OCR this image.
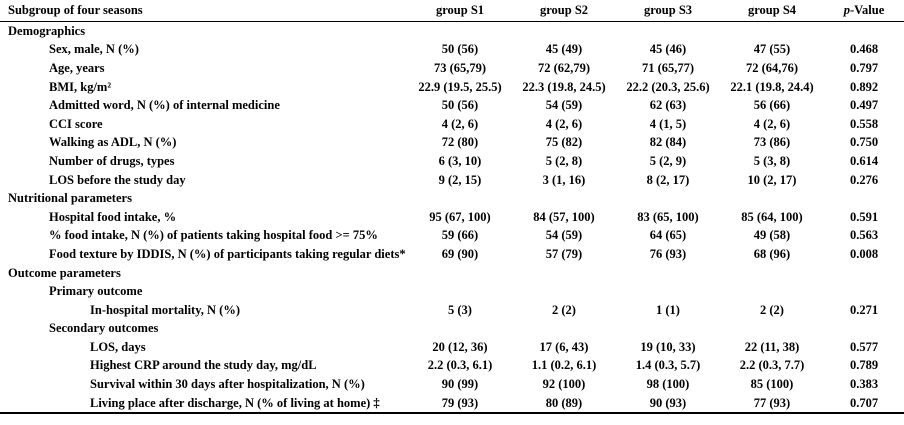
Subgroup of four seasons	group S1	group S2	group S3	group S4	p-Value
Demographics					
Sex, male, N (%)	50 (56)	45 (49)	45 (46)	47 (55)	0.468
Age, years	73 (65,79)	72 (62,79)	71 (65,77)	72 (64,76)	0.797
BMI, kg/m²	22.9 (19.5, 25.5)	22.3 (19.8, 24.5)	22.2 (20.3, 25.6)	22.1 (19.8, 24.4)	0.892
Admitted word, N (%) of internal medicine	50 (56)	54 (59)	62 (63)	56 (66)	0.497
CCI score	4 (2, 6)	4 (2, 6)	4 (1, 5)	4 (2, 6)	0.558
Walking as ADL, N (%)	72 (80)	75 (82)	82 (84)	73 (86)	0.750
Number of drugs, types	6 (3, 10)	5 (2, 8)	5 (2, 9)	5 (3, 8)	0.614
LOS before the study day	9 (2, 15)	3 (1, 16)	8 (2, 17)	10 (2, 17)	0.276
Nutritional parameters					
Hospital food intake, %	95 (67, 100)	84 (57, 100)	83 (65, 100)	85 (64, 100)	0.591
% food intake, N (%) of patients taking hospital food >= 75%	59 (66)	54 (59)	64 (65)	49 (58)	0.563
Food texture by IDDIS, N (%) of participants taking regular diets*	69 (90)	57 (79)	76 (93)	68 (96)	0.008
Outcome parameters					
Primary outcome					
In-hospital mortality, N (%)	5 (3)	2 (2)	1 (1)	2 (2)	0.271
Secondary outcomes					
LOS, days	20 (12, 36)	17 (6, 43)	19 (10, 33)	22 (11, 38)	0.577
Highest CRP around the study day, mg/dL	2.2 (0.3, 6.1)	1.1 (0.2, 6.1)	1.4 (0.3, 5.7)	2.2 (0.3, 7.7)	0.789
Survival within 30 days after hospitalization, N (%)	90 (99)	92 (100)	98 (100)	85 (100)	0.383
Living place after discharge, N (% of living at home) ‡	79 (93)	80 (89)	90 (93)	77 (93)	0.707
